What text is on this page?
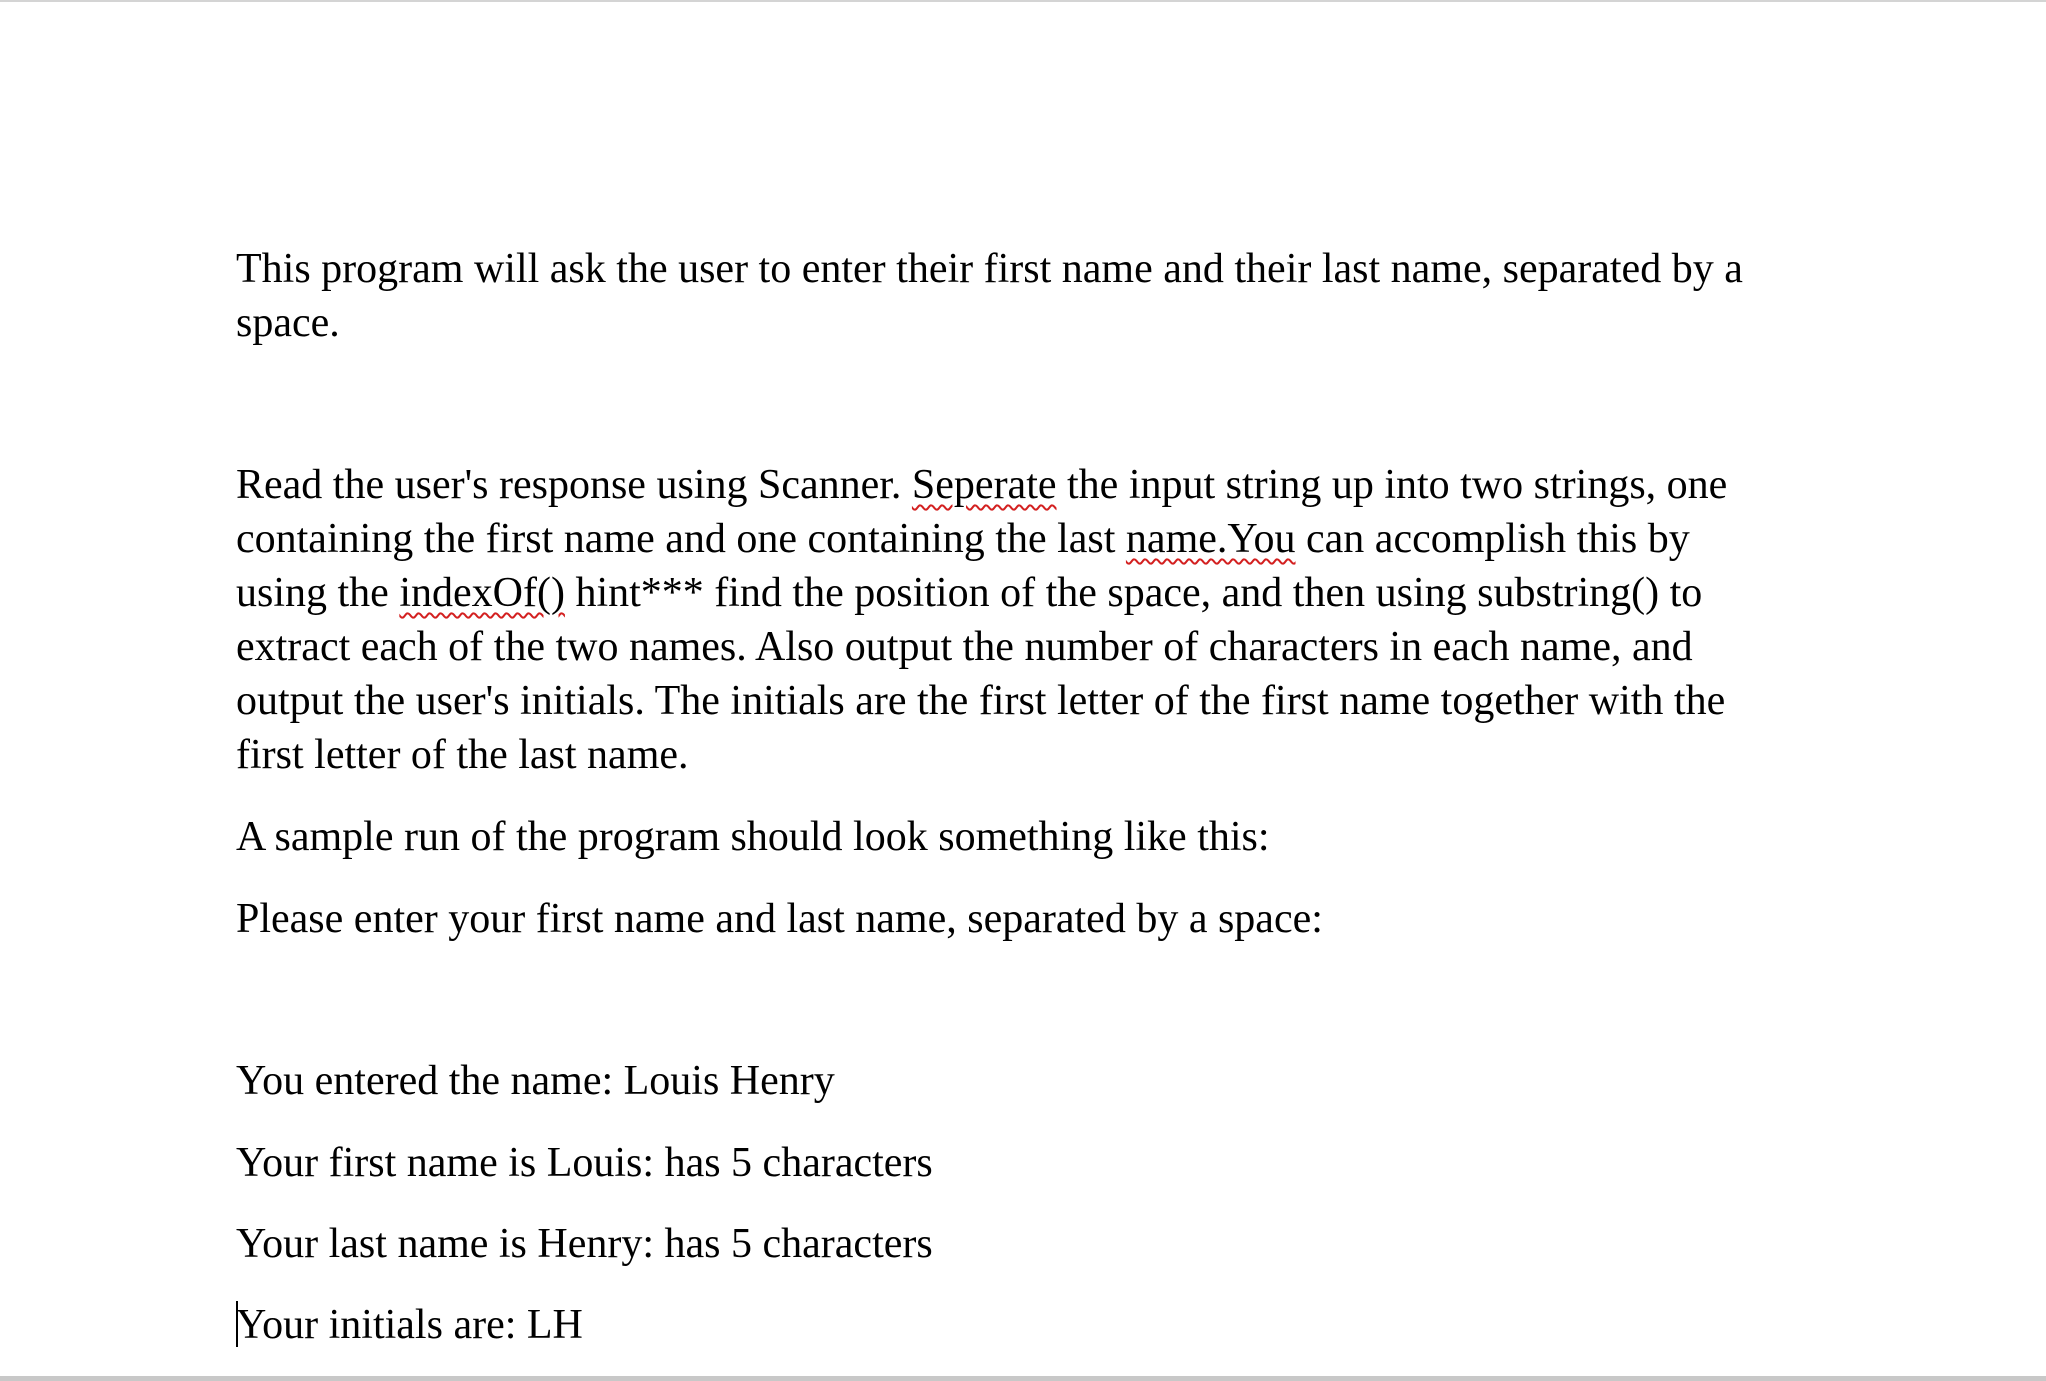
This program will ask the user to enter their first name and their last name, separated by a
space.

Read the user's response using Scanner. Seperate the input string up into two strings, one
containing the first name and one containing the last name.You can accomplish this by
using the indexOf() hint*** find the position of the space, and then using substring() to
extract each of the two names. Also output the number of characters in each name, and
output the user's initials. The initials are the first letter of the first name together with the
first letter of the last name.

A sample run of the program should look something like this:

Please enter your first name and last name, separated by a space:

You entered the name: Louis Henry

Your first name is Louis: has 5 characters

Your last name is Henry: has 5 characters

Your initials are: LH
